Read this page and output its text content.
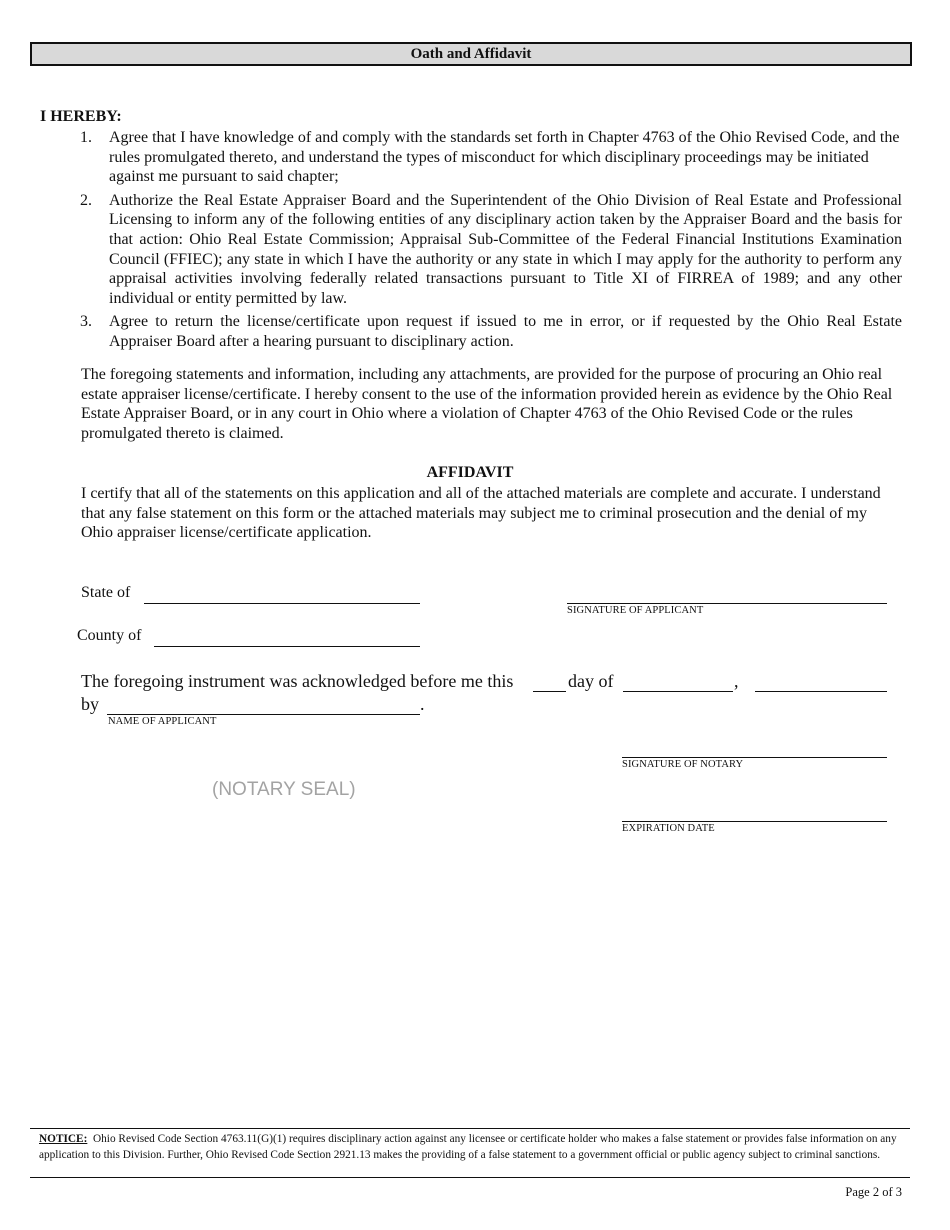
Oath and Affidavit
I HEREBY:
1. Agree that I have knowledge of and comply with the standards set forth in Chapter 4763 of the Ohio Revised Code, and the rules promulgated thereto, and understand the types of misconduct for which disciplinary proceedings may be initiated against me pursuant to said chapter;
2. Authorize the Real Estate Appraiser Board and the Superintendent of the Ohio Division of Real Estate and Professional Licensing to inform any of the following entities of any disciplinary action taken by the Appraiser Board and the basis for that action: Ohio Real Estate Commission; Appraisal Sub-Committee of the Federal Financial Institutions Examination Council (FFIEC); any state in which I have the authority or any state in which I may apply for the authority to perform any appraisal activities involving federally related transactions pursuant to Title XI of FIRREA of 1989; and any other individual or entity permitted by law.
3. Agree to return the license/certificate upon request if issued to me in error, or if requested by the Ohio Real Estate Appraiser Board after a hearing pursuant to disciplinary action.
The foregoing statements and information, including any attachments, are provided for the purpose of procuring an Ohio real estate appraiser license/certificate. I hereby consent to the use of the information provided herein as evidence by the Ohio Real Estate Appraiser Board, or in any court in Ohio where a violation of Chapter 4763 of the Ohio Revised Code or the rules promulgated thereto is claimed.
AFFIDAVIT
I certify that all of the statements on this application and all of the attached materials are complete and accurate. I understand that any false statement on this form or the attached materials may subject me to criminal prosecution and the denial of my Ohio appraiser license/certificate application.
State of
SIGNATURE OF APPLICANT
County of
The foregoing instrument was acknowledged before me this	day of	,
by	.
NAME OF APPLICANT
SIGNATURE OF NOTARY
(NOTARY SEAL)
EXPIRATION DATE
NOTICE: Ohio Revised Code Section 4763.11(G)(1) requires disciplinary action against any licensee or certificate holder who makes a false statement or provides false information on any application to this Division. Further, Ohio Revised Code Section 2921.13 makes the providing of a false statement to a government official or public agency subject to criminal sanctions.
Page 2 of 3
